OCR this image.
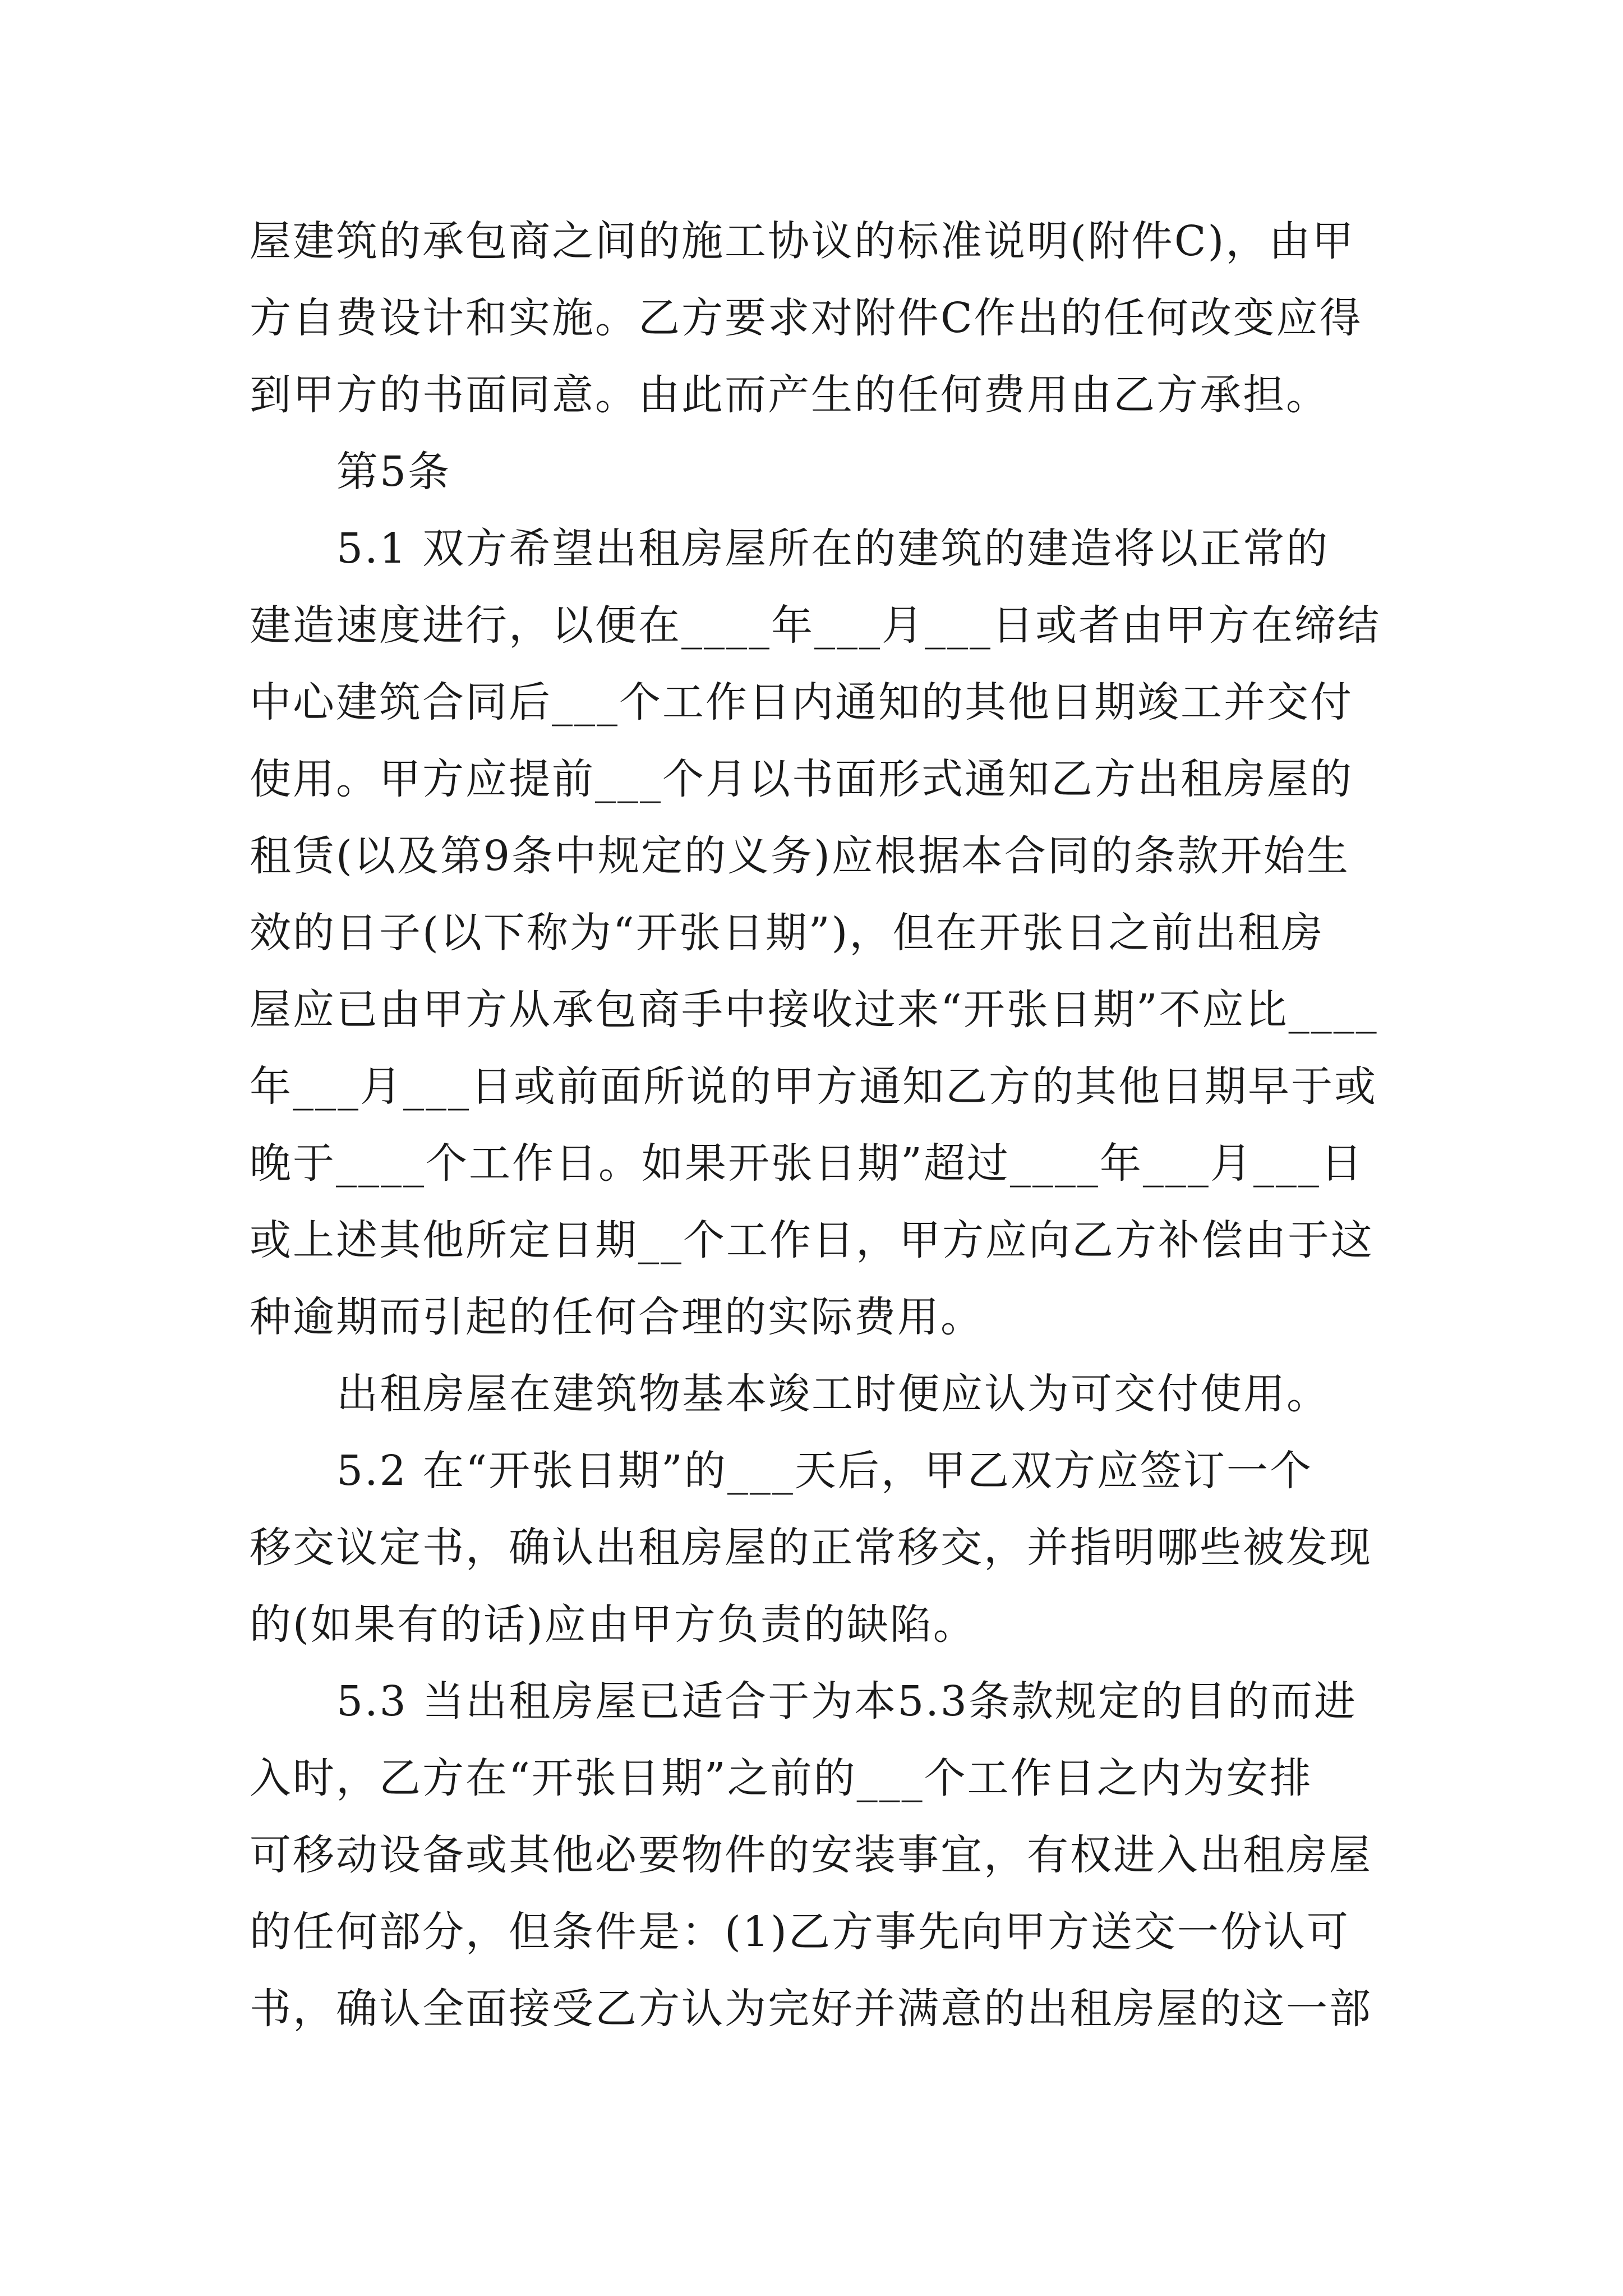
屋建筑的承包商之间的施工协议的标准说明(附件C)，由甲
方自费设计和实施。乙方要求对附件C作出的任何改变应得
到甲方的书面同意。由此而产生的任何费用由乙方承担。
第5条
5.1 双方希望出租房屋所在的建筑的建造将以正常的
建造速度进行，以便在____年___月___日或者由甲方在缔结
中心建筑合同后___个工作日内通知的其他日期竣工并交付
使用。甲方应提前___个月以书面形式通知乙方出租房屋的
租赁(以及第9条中规定的义务)应根据本合同的条款开始生
效的日子(以下称为“开张日期”)，但在开张日之前出租房
屋应已由甲方从承包商手中接收过来“开张日期”不应比____
年___月___日或前面所说的甲方通知乙方的其他日期早于或
晚于____个工作日。如果开张日期”超过____年___月___日
或上述其他所定日期__个工作日，甲方应向乙方补偿由于这
种逾期而引起的任何合理的实际费用。
出租房屋在建筑物基本竣工时便应认为可交付使用。
5.2 在“开张日期”的___天后，甲乙双方应签订一个
移交议定书，确认出租房屋的正常移交，并指明哪些被发现
的(如果有的话)应由甲方负责的缺陷。
5.3 当出租房屋已适合于为本5.3条款规定的目的而进
入时，乙方在“开张日期”之前的___个工作日之内为安排
可移动设备或其他必要物件的安装事宜，有权进入出租房屋
的任何部分，但条件是：(1)乙方事先向甲方送交一份认可
书，确认全面接受乙方认为完好并满意的出租房屋的这一部
